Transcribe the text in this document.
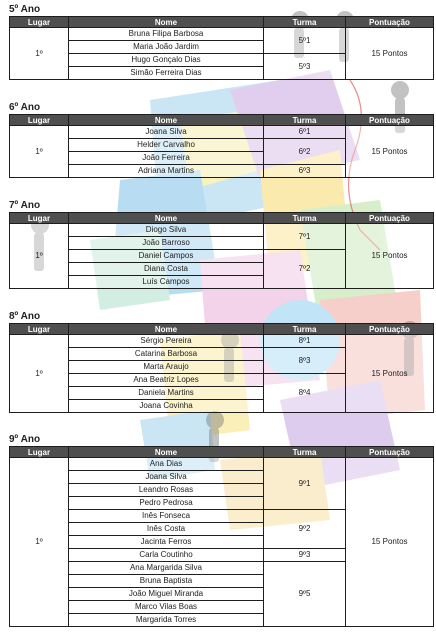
5º Ano
Lugar	Nome	Turma	Pontuação
1º	Bruna Filipa Barbosa	5º1	15 Pontos
	Maria João Jardim		
	Hugo Gonçalo Dias	5º3	
	Simão Ferreira Dias		
6º Ano
Lugar	Nome	Turma	Pontuação
1º	Joana Silva	6º1	15 Pontos
	Helder Carvalho	6º2	
	João Ferreira		
	Adriana Martins	6º3	
7º Ano
Lugar	Nome	Turma	Pontuação
1º	Diogo Silva	7º1	15 Pontos
	João Barroso		
	Daniel Campos	7º2	
	Diana Costa		
	Luís Campos		
8º Ano
Lugar	Nome	Turma	Pontuação
1º	Sérgio Pereira	8º1	15 Pontos
	Catarina Barbosa	8º3	
	Marta Araujo		
	Ana Beatriz Lopes	8º4	
	Daniela Martins		
	Joana Covinha		
9º Ano
Lugar	Nome	Turma	Pontuação
1º	Ana Dias	9º1	15 Pontos
	Joana Silva		
	Leandro Rosas		
	Pedro Pedrosa		
	Inês Fonseca	9º2	
	Inês Costa		
	Jacinta Ferros		
	Carla Coutinho	9º3	
	Ana Margarida Silva	9º5	
	Bruna Baptista		
	João Miguel Miranda		
	Marco Vilas Boas		
	Margarida Torres		
